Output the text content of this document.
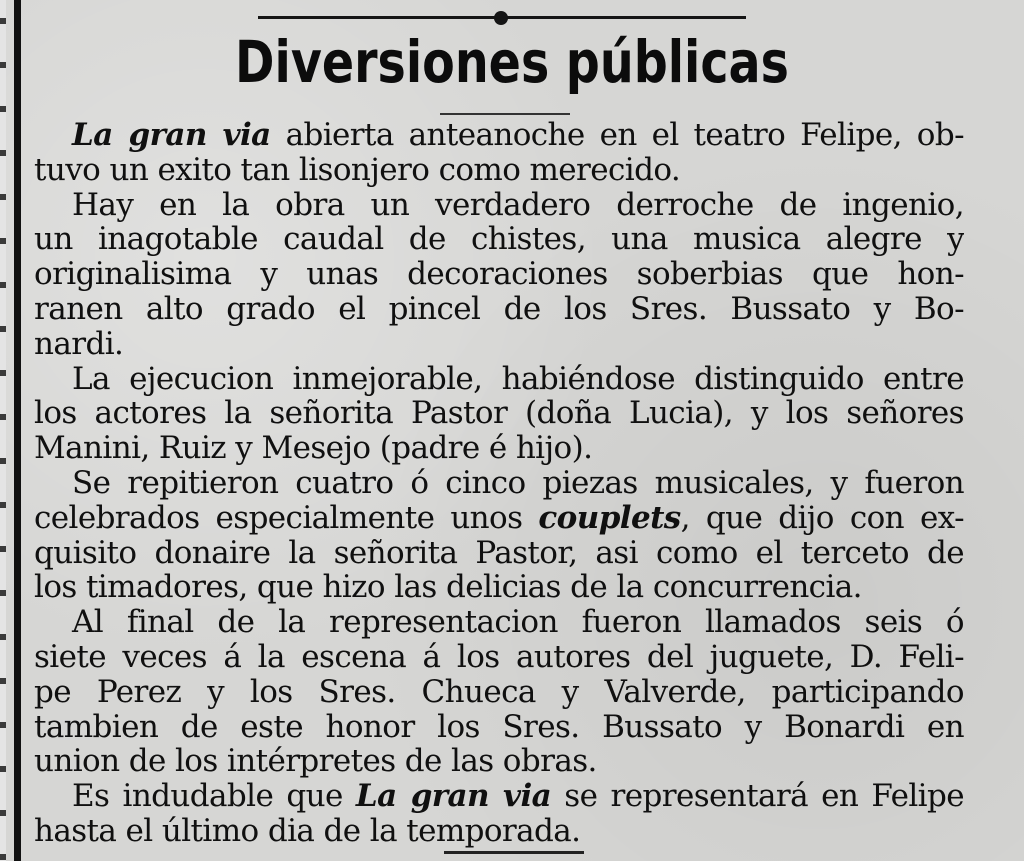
Diversiones públicas
La gran via abierta anteanoche en el teatro Felipe, ob-
tuvo un exito tan lisonjero como merecido.
Hay en la obra un verdadero derroche de ingenio,
un inagotable caudal de chistes, una musica alegre y
originalisima y unas decoraciones soberbias que hon-
ranen alto grado el pincel de los Sres. Bussato y Bo-
nardi.
La ejecucion inmejorable, habiéndose distinguido entre
los actores la señorita Pastor (doña Lucia), y los señores
Manini, Ruiz y Mesejo (padre é hijo).
Se repitieron cuatro ó cinco piezas musicales, y fueron
celebrados especialmente unos couplets, que dijo con ex-
quisito donaire la señorita Pastor, asi como el terceto de
los timadores, que hizo las delicias de la concurrencia.
Al final de la representacion fueron llamados seis ó
siete veces á la escena á los autores del juguete, D. Feli-
pe Perez y los Sres. Chueca y Valverde, participando
tambien de este honor los Sres. Bussato y Bonardi en
union de los intérpretes de las obras.
Es indudable que La gran via se representará en Felipe
hasta el último dia de la temporada.
